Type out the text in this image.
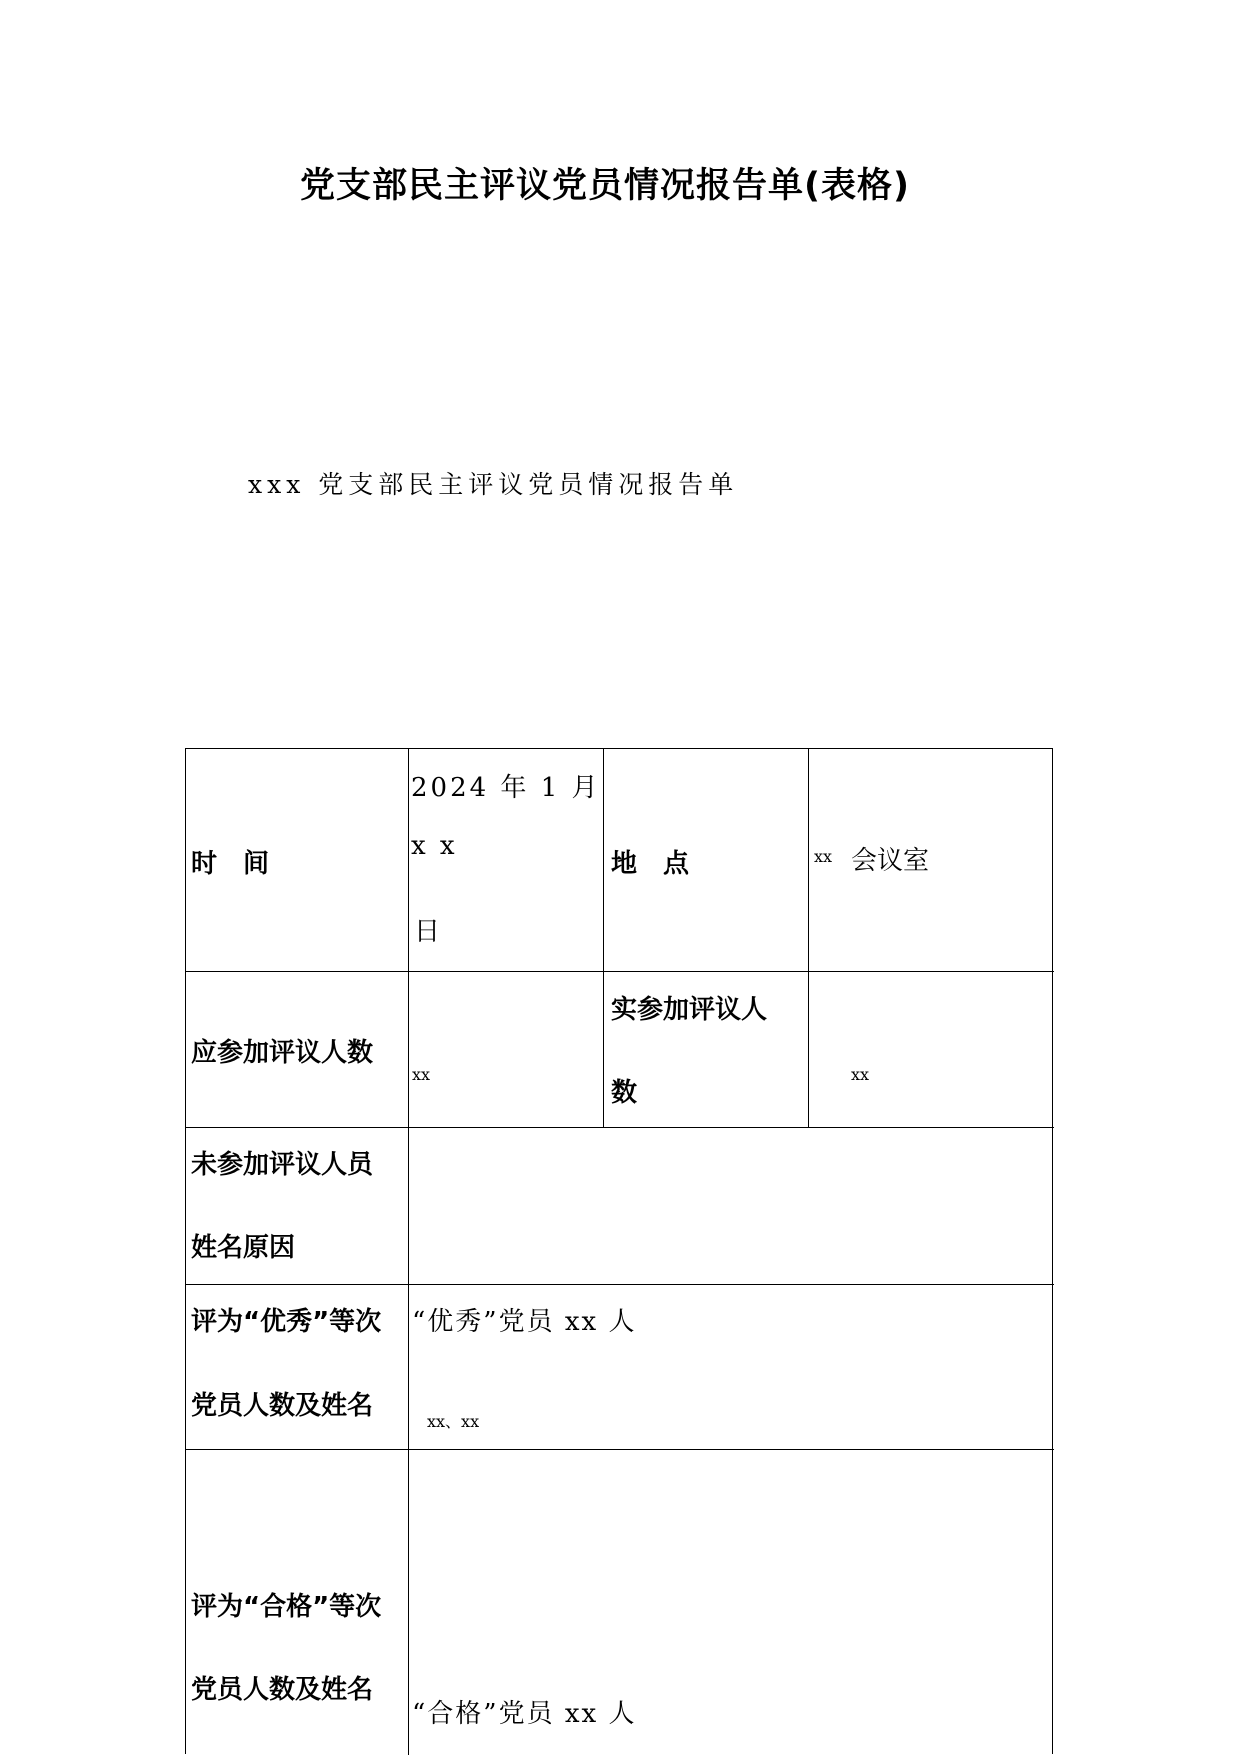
党支部民主评议党员情况报告单(表格)
xxx 党支部民主评议党员情况报告单
时　间
2024 年 1 月
x x
日
地　点	xx 会议室
应参加评议人数
xx
实参加评议人
数
xx
未参加评议人员
姓名原因
评为“优秀”等次
党员人数及姓名
“优秀”党员 xx 人
xx、xx
评为“合格”等次
党员人数及姓名
“合格”党员 xx 人
